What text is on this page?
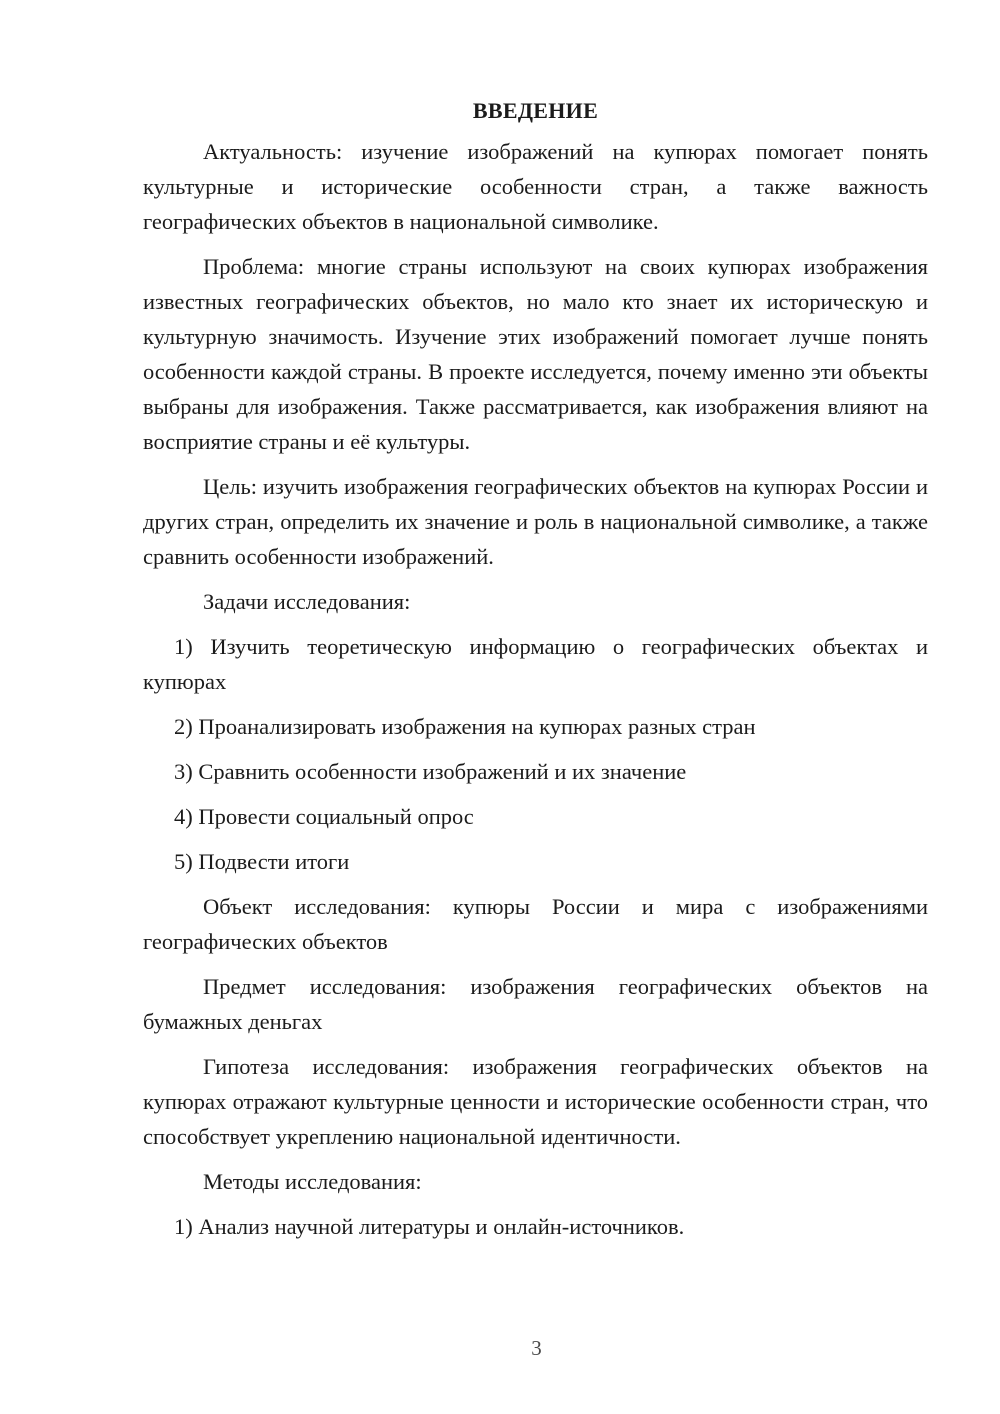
ВВЕДЕНИЕ

Актуальность: изучение изображений на купюрах помогает понять культурные и исторические особенности стран, а также важность географических объектов в национальной символике.

Проблема: многие страны используют на своих купюрах изображения известных географических объектов, но мало кто знает их историческую и культурную значимость. Изучение этих изображений помогает лучше понять особенности каждой страны. В проекте исследуется, почему именно эти объекты выбраны для изображения. Также рассматривается, как изображения влияют на восприятие страны и её культуры.

Цель: изучить изображения географических объектов на купюрах России и других стран, определить их значение и роль в национальной символике, а также сравнить особенности изображений.

Задачи исследования:

1) Изучить теоретическую информацию о географических объектах и купюрах

2) Проанализировать изображения на купюрах разных стран

3) Сравнить особенности изображений и их значение

4) Провести социальный опрос

5) Подвести итоги

Объект исследования: купюры России и мира с изображениями географических объектов

Предмет исследования: изображения географических объектов на бумажных деньгах

Гипотеза исследования: изображения географических объектов на купюрах отражают культурные ценности и исторические особенности стран, что способствует укреплению национальной идентичности.

Методы исследования:

1) Анализ научной литературы и онлайн-источников.

3
